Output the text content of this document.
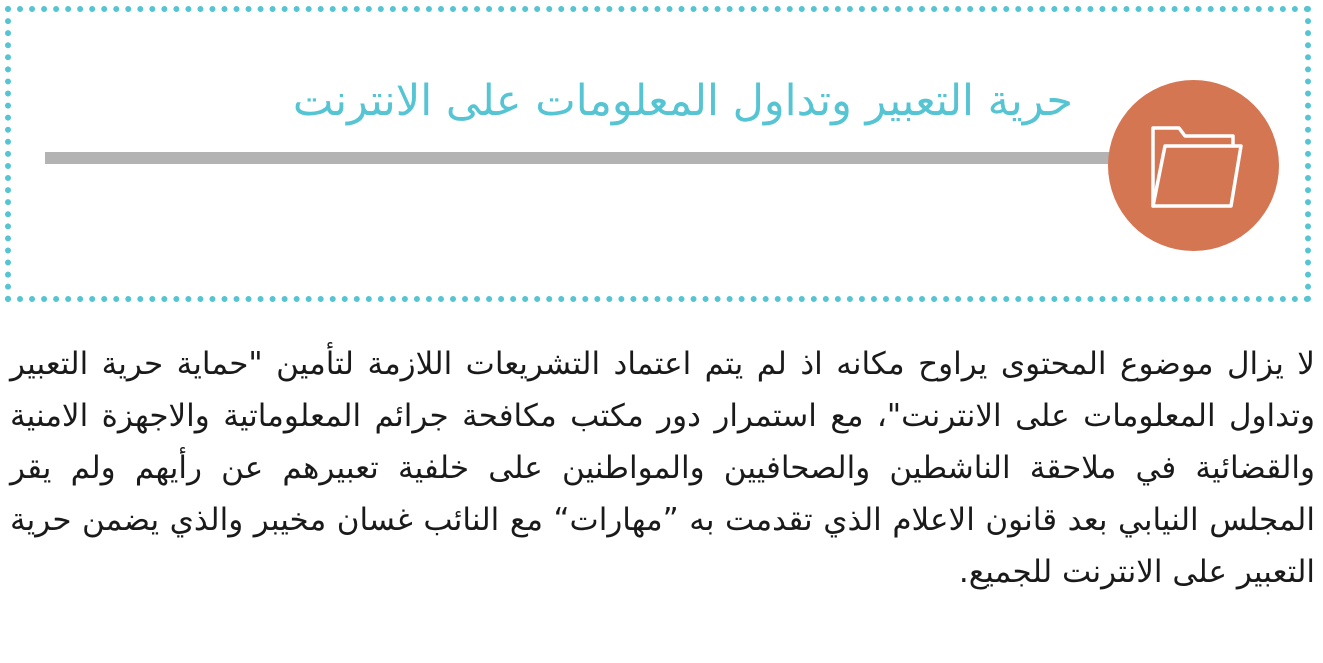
حرية التعبير وتداول المعلومات على الانترنت

لا يزال موضوع المحتوى يراوح مكانه اذ لم يتم اعتماد التشريعات اللازمة لتأمين "حماية حرية التعبير وتداول المعلومات على الانترنت"، مع استمرار دور مكتب مكافحة جرائم المعلوماتية والاجهزة الامنية والقضائية في ملاحقة الناشطين والصحافيين والمواطنين على خلفية تعبيرهم عن رأيهم ولم يقر المجلس النيابي بعد قانون الاعلام الذي تقدمت به ”مهارات“ مع النائب غسان مخيبر والذي يضمن حرية التعبير على الانترنت للجميع.
